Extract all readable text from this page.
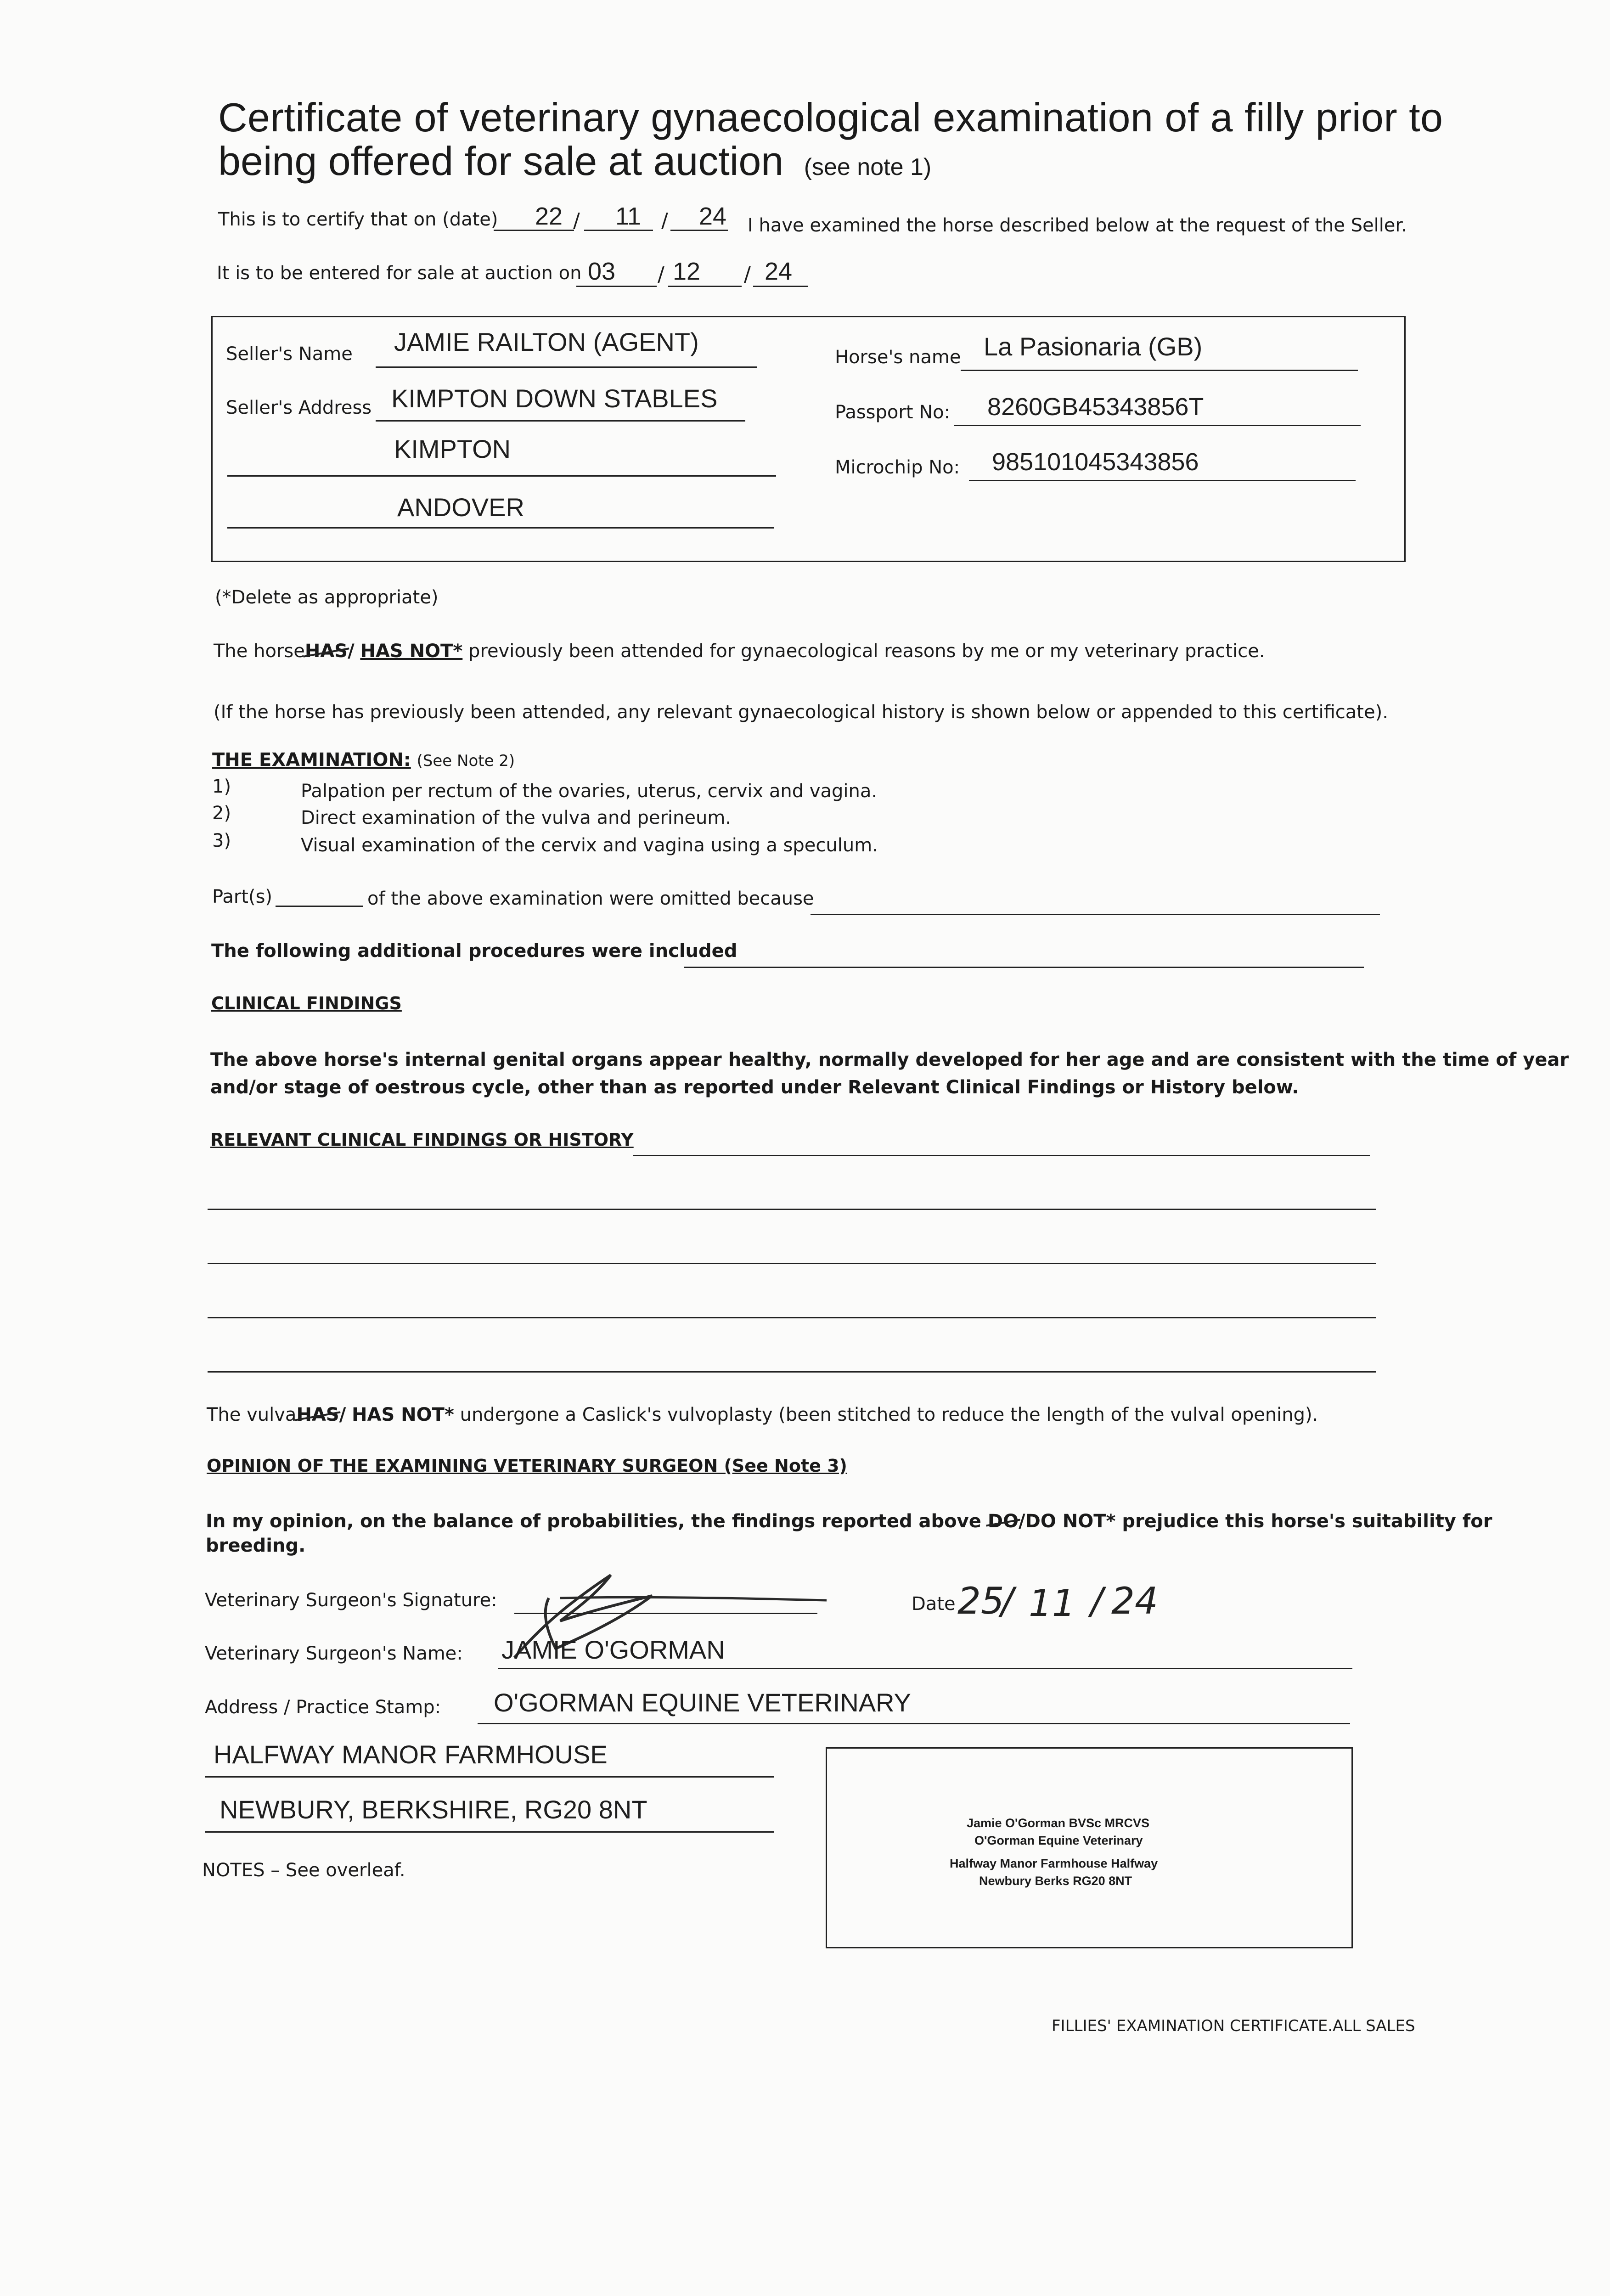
Certificate of veterinary gynaecological examination of a filly prior to
being offered for sale at auction (see note 1)
This is to certify that on (date) 22 / 11 / 24 I have examined the horse described below at the request of the Seller.
It is to be entered for sale at auction on 03 / 12 / 24
Seller's Name JAMIE RAILTON (AGENT)
Seller's Address KIMPTON DOWN STABLES
KIMPTON
ANDOVER
Horse's name La Pasionaria (GB)
Passport No: 8260GB45343856T
Microchip No: 985101045343856
(*Delete as appropriate)
The horseHAS/ HAS NOT* previously been attended for gynaecological reasons by me or my veterinary practice.
(If the horse has previously been attended, any relevant gynaecological history is shown below or appended to this certificate).
THE EXAMINATION: (See Note 2)
1)	Palpation per rectum of the ovaries, uterus, cervix and vagina.
2)	Direct examination of the vulva and perineum.
3)	Visual examination of the cervix and vagina using a speculum.
Part(s)	of the above examination were omitted because
The following additional procedures were included
CLINICAL FINDINGS
The above horse's internal genital organs appear healthy, normally developed for her age and are consistent with the time of year
and/or stage of oestrous cycle, other than as reported under Relevant Clinical Findings or History below.
RELEVANT CLINICAL FINDINGS OR HISTORY
The vulvaHAS/ HAS NOT* undergone a Caslick's vulvoplasty (been stitched to reduce the length of the vulval opening).
OPINION OF THE EXAMINING VETERINARY SURGEON (See Note 3)
In my opinion, on the balance of probabilities, the findings reported above DO/DO NOT* prejudice this horse's suitability for
breeding.
Veterinary Surgeon's Signature:	Date 25
/ 11 / 24
Veterinary Surgeon's Name: JAMIE O'GORMAN
Address / Practice Stamp: O'GORMAN EQUINE VETERINARY
HALFWAY MANOR FARMHOUSE
NEWBURY, BERKSHIRE, RG20 8NT	Jamie O'Gorman BVSc MRCVS
O'Gorman Equine Veterinary
Halfway Manor Farmhouse Halfway
Newbury Berks RG20 8NT
NOTES – See overleaf.
FILLIES' EXAMINATION CERTIFICATE.ALL SALES
